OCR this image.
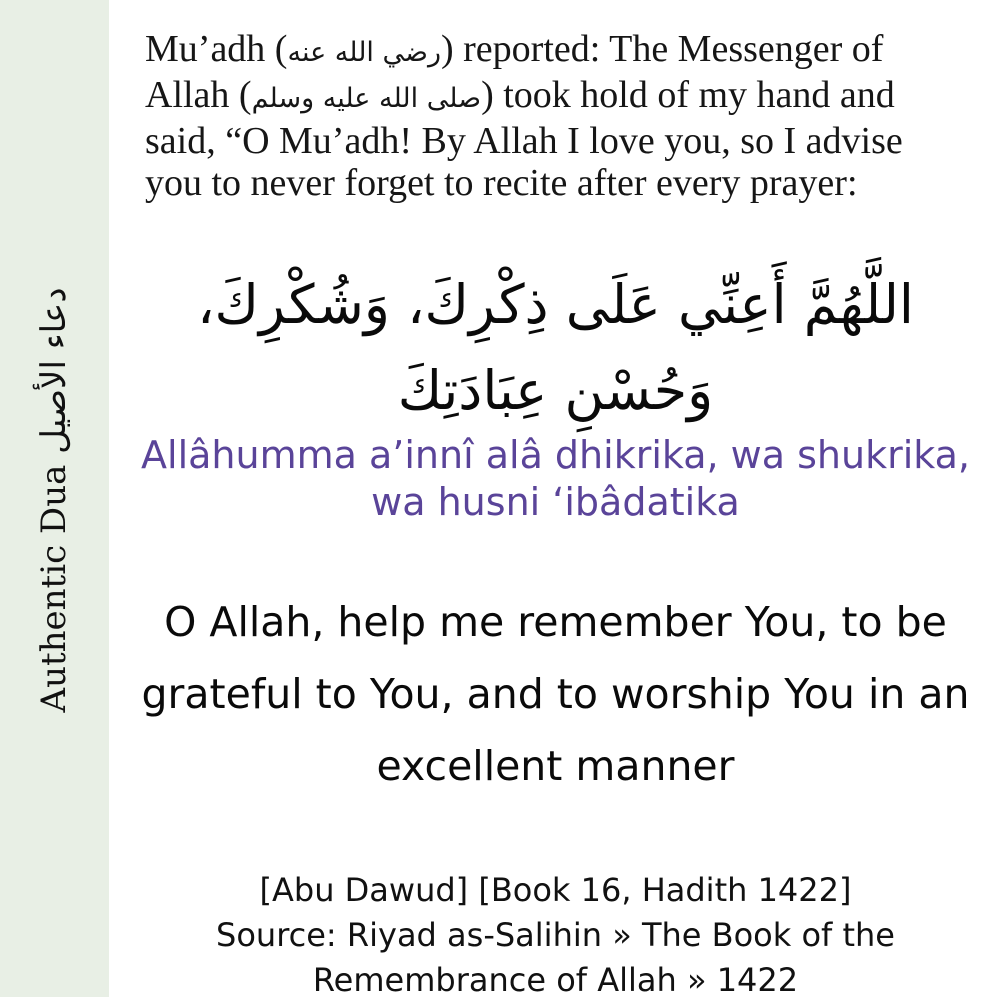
Authentic Dua دعاء الأصيل
Mu’adh (رضي الله عنه) reported: The Messenger of Allah (صلى الله عليه وسلم) took hold of my hand and said, “O Mu’adh! By Allah I love you, so I advise you to never forget to recite after every prayer:
اللَّهُمَّ أَعِنِّي عَلَى ذِكْرِكَ، وَشُكْرِكَ، وَحُسْنِ عِبَادَتِكَ
Allâhumma a’innî alâ dhikrika, wa shukrika, wa husni ‘ibâdatika
O Allah, help me remember You, to be grateful to You, and to worship You in an excellent manner
[Abu Dawud] [Book 16, Hadith 1422]
Source: Riyad as-Salihin » The Book of the Remembrance of Allah » 1422
